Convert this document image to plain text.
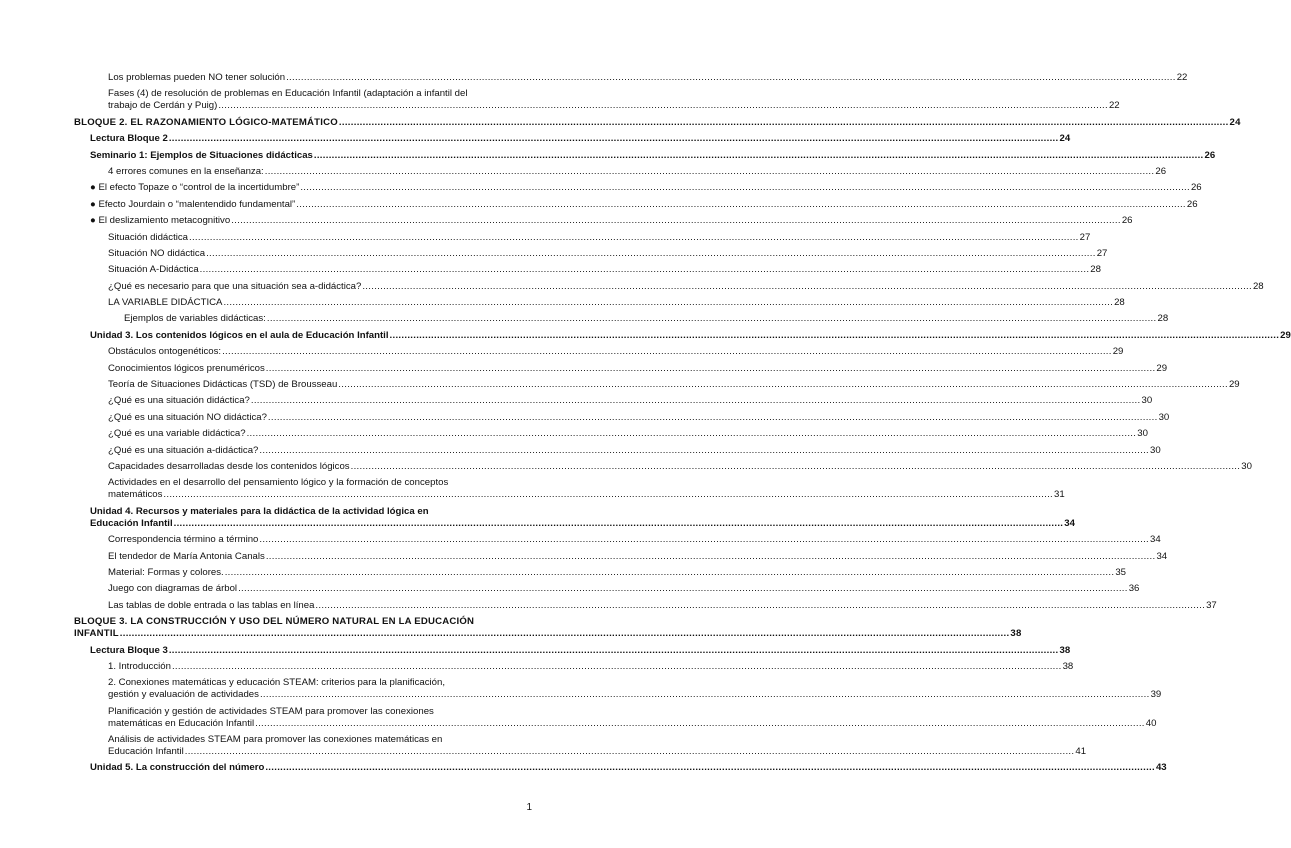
Los problemas pueden NO tener solución ............................................................................................................................................................................................................................................................................................................ 22
Fases (4) de resolución de problemas en Educación Infantil (adaptación a infantil del
trabajo de Cerdán y Puig) ............................................................................................................................................................................................................................................................................................................ 22
BLOQUE 2. EL RAZONAMIENTO LÓGICO-MATEMÁTICO ............................................................................................................................................................................................................................................................................................................ 24
Lectura Bloque 2 ............................................................................................................................................................................................................................................................................................................ 24
Seminario 1: Ejemplos de Situaciones didácticas ............................................................................................................................................................................................................................................................................................................ 26
4 errores comunes en la enseñanza: ............................................................................................................................................................................................................................................................................................................ 26
● El efecto Topaze o “control de la incertidumbre” ............................................................................................................................................................................................................................................................................................................ 26
● Efecto Jourdain o “malentendido fundamental” ............................................................................................................................................................................................................................................................................................................ 26
● El deslizamiento metacognitivo ............................................................................................................................................................................................................................................................................................................ 26
Situación didáctica ............................................................................................................................................................................................................................................................................................................ 27
Situación NO didáctica ............................................................................................................................................................................................................................................................................................................ 27
Situación A-Didáctica ............................................................................................................................................................................................................................................................................................................ 28
¿Qué es necesario para que una situación sea a-didáctica? ............................................................................................................................................................................................................................................................................................................ 28
LA VARIABLE DIDÁCTICA ............................................................................................................................................................................................................................................................................................................ 28
Ejemplos de variables didácticas: ............................................................................................................................................................................................................................................................................................................ 28
Unidad 3. Los contenidos lógicos en el aula de Educación Infantil ............................................................................................................................................................................................................................................................................................................ 29
Obstáculos ontogenéticos: ............................................................................................................................................................................................................................................................................................................ 29
Conocimientos lógicos prenuméricos ............................................................................................................................................................................................................................................................................................................ 29
Teoría de Situaciones Didácticas (TSD) de Brousseau ............................................................................................................................................................................................................................................................................................................ 29
¿Qué es una situación didáctica? ............................................................................................................................................................................................................................................................................................................ 30
¿Qué es una situación NO didáctica? ............................................................................................................................................................................................................................................................................................................ 30
¿Qué es una variable didáctica? ............................................................................................................................................................................................................................................................................................................ 30
¿Qué es una situación a-didáctica? ............................................................................................................................................................................................................................................................................................................ 30
Capacidades desarrolladas desde los contenidos lógicos ............................................................................................................................................................................................................................................................................................................ 30
Actividades en el desarrollo del pensamiento lógico y la formación de conceptos
matemáticos ............................................................................................................................................................................................................................................................................................................ 31
Unidad 4. Recursos y materiales para la didáctica de la actividad lógica en
Educación Infantil ............................................................................................................................................................................................................................................................................................................ 34
Correspondencia término a término ............................................................................................................................................................................................................................................................................................................ 34
El tendedor de María Antonia Canals ............................................................................................................................................................................................................................................................................................................ 34
Material: Formas y colores. ............................................................................................................................................................................................................................................................................................................ 35
Juego con diagramas de árbol ............................................................................................................................................................................................................................................................................................................ 36
Las tablas de doble entrada o las tablas en línea ............................................................................................................................................................................................................................................................................................................ 37
BLOQUE 3. LA CONSTRUCCIÓN Y USO DEL NÚMERO NATURAL EN LA EDUCACIÓN
INFANTIL ............................................................................................................................................................................................................................................................................................................ 38
Lectura Bloque 3 ............................................................................................................................................................................................................................................................................................................ 38
1. Introducción ............................................................................................................................................................................................................................................................................................................ 38
2. Conexiones matemáticas y educación STEAM: criterios para la planificación,
gestión y evaluación de actividades ............................................................................................................................................................................................................................................................................................................ 39
Planificación y gestión de actividades STEAM para promover las conexiones
matemáticas en Educación Infantil ............................................................................................................................................................................................................................................................................................................ 40
Análisis de actividades STEAM para promover las conexiones matemáticas en
Educación Infantil ............................................................................................................................................................................................................................................................................................................ 41
Unidad 5. La construcción del número ............................................................................................................................................................................................................................................................................................................ 43
1
